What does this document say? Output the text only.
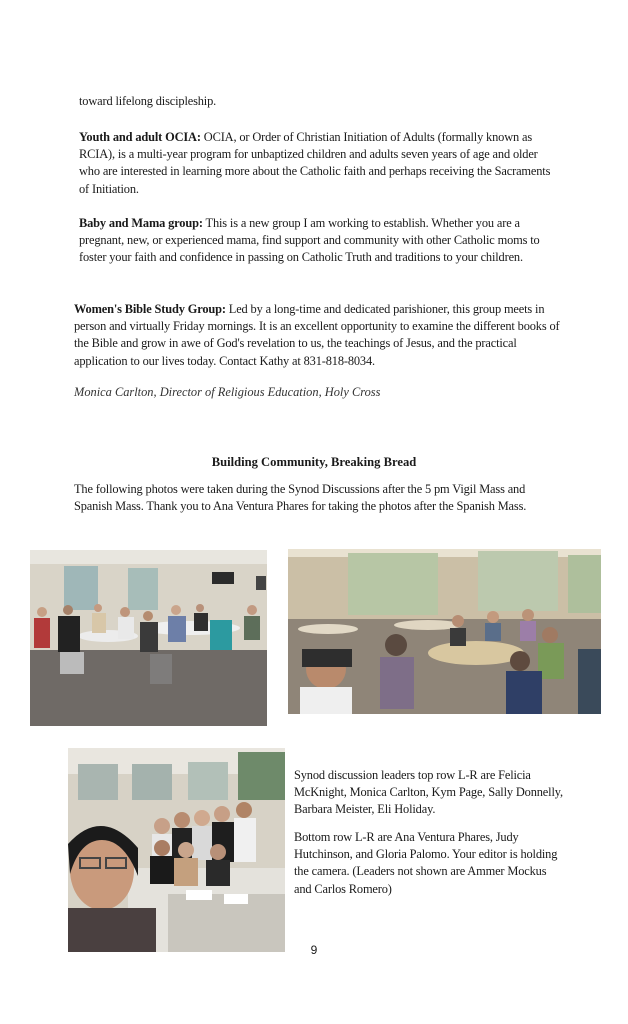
toward lifelong discipleship.

Youth and adult OCIA: OCIA, or Order of Christian Initiation of Adults (formally known as RCIA), is a multi-year program for unbaptized children and adults seven years of age and older who are interested in learning more about the Catholic faith and perhaps receiving the Sacraments of Initiation.

Baby and Mama group: This is a new group I am working to establish. Whether you are a pregnant, new, or experienced mama, find support and community with other Catholic moms to foster your faith and confidence in passing on Catholic Truth and traditions to your children.

Women's Bible Study Group: Led by a long-time and dedicated parishioner, this group meets in person and virtually Friday mornings. It is an excellent opportunity to examine the different books of the Bible and grow in awe of God's revelation to us, the teachings of Jesus, and the practical application to our lives today. Contact Kathy at 831-818-8034.

Monica Carlton, Director of Religious Education, Holy Cross
Building Community, Breaking Bread

The following photos were taken during the Synod Discussions after the 5 pm Vigil Mass and Spanish Mass. Thank you to Ana Ventura Phares for taking the photos after the Spanish Mass.

Synod discussion leaders top row L-R are Felicia McKnight, Monica Carlton, Kym Page, Sally Donnelly, Barbara Meister, Eli Holiday.

Bottom row L-R are Ana Ventura Phares, Judy Hutchinson, and Gloria Palomo. Your editor is holding the camera. (Leaders not shown are Ammer Mockus and Carlos Romero)

9
